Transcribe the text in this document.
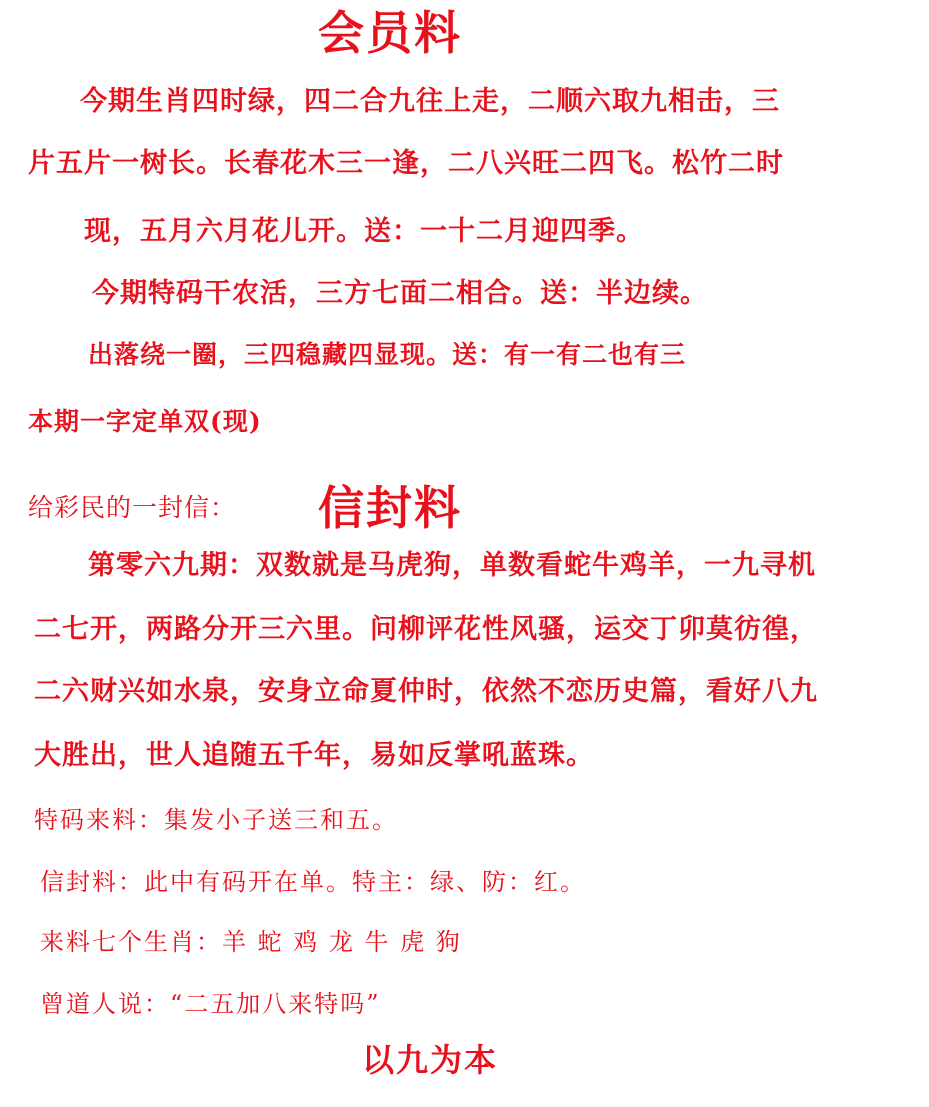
会员料
今期生肖四时绿，四二合九往上走，二顺六取九相击，三
片五片一树长。长春花木三一逢，二八兴旺二四飞。松竹二时
现，五月六月花儿开。送：一十二月迎四季。
今期特码干农活，三方七面二相合。送：半边续。
出落绕一圈，三四稳藏四显现。送：有一有二也有三
本期一字定单双(现)
给彩民的一封信： 信封料
第零六九期：双数就是马虎狗，单数看蛇牛鸡羊，一九寻机
二七开，两路分开三六里。问柳评花性风骚，运交丁卯莫彷徨，
二六财兴如水泉，安身立命夏仲时，依然不恋历史篇，看好八九
大胜出，世人追随五千年，易如反掌吼蓝珠。
特码来料：集发小子送三和五。
信封料：此中有码开在单。特主：绿、防：红。
来料七个生肖：羊 蛇 鸡 龙 牛 虎 狗
曾道人说：“二五加八来特吗”
以九为本
